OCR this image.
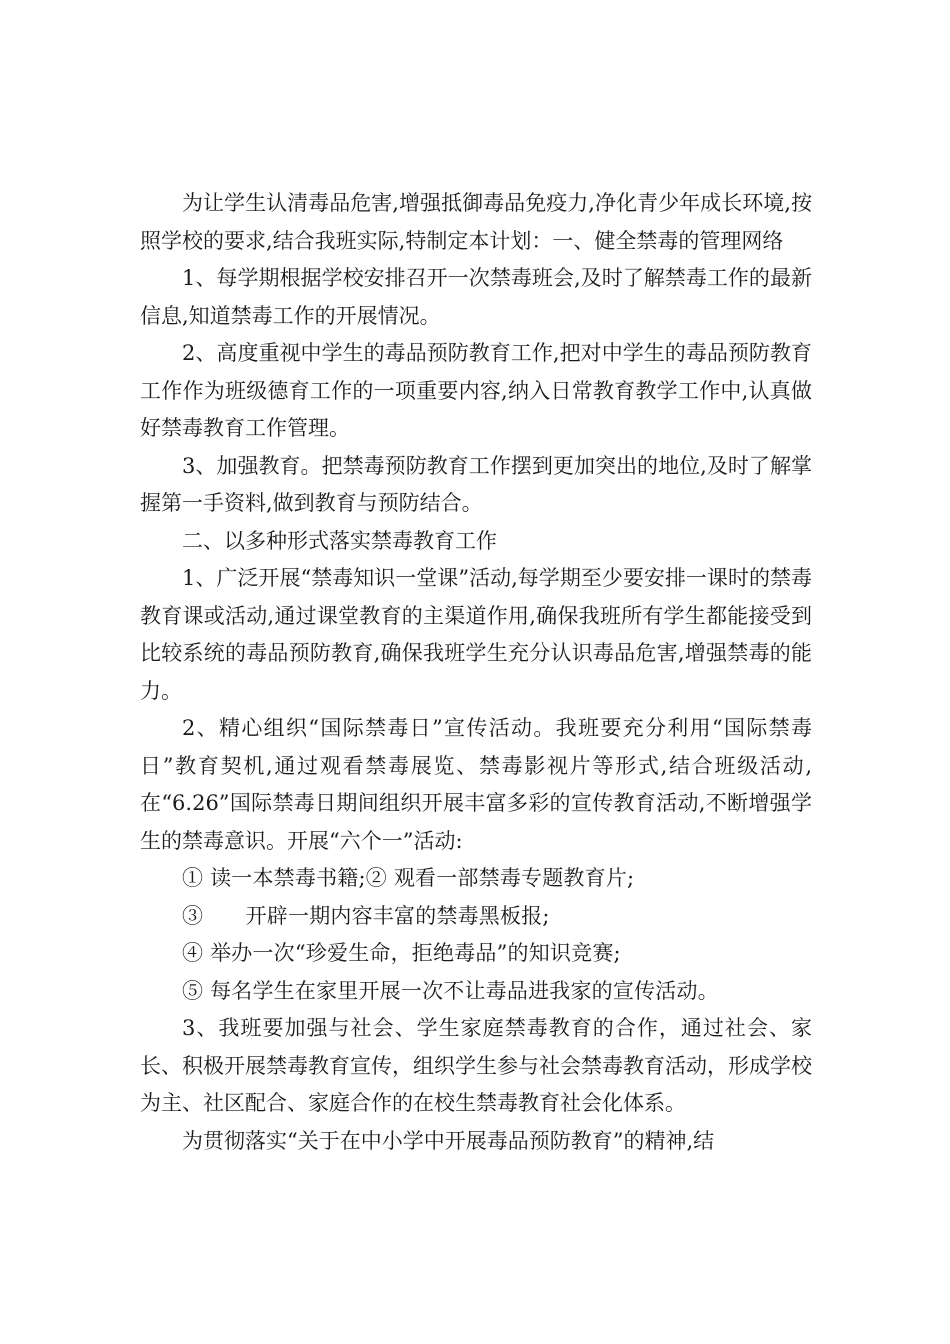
为让学生认清毒品危害,增强抵御毒品免疫力,净化青少年成长环境,按照学校的要求,结合我班实际,特制定本计划：一、健全禁毒的管理网络

1、每学期根据学校安排召开一次禁毒班会,及时了解禁毒工作的最新信息,知道禁毒工作的开展情况。

2、高度重视中学生的毒品预防教育工作,把对中学生的毒品预防教育工作作为班级德育工作的一项重要内容,纳入日常教育教学工作中,认真做好禁毒教育工作管理。

3、加强教育。把禁毒预防教育工作摆到更加突出的地位,及时了解掌握第一手资料,做到教育与预防结合。

二、以多种形式落实禁毒教育工作

1、广泛开展“禁毒知识一堂课”活动,每学期至少要安排一课时的禁毒教育课或活动,通过课堂教育的主渠道作用,确保我班所有学生都能接受到比较系统的毒品预防教育,确保我班学生充分认识毒品危害,增强禁毒的能力。

2、精心组织“国际禁毒日”宣传活动。我班要充分利用“国际禁毒日”教育契机,通过观看禁毒展览、禁毒影视片等形式,结合班级活动,在“6.26”国际禁毒日期间组织开展丰富多彩的宣传教育活动,不断增强学生的禁毒意识。开展“六个一”活动:

① 读一本禁毒书籍;② 观看一部禁毒专题教育片;

③　　开辟一期内容丰富的禁毒黑板报;

④ 举办一次“珍爱生命，拒绝毒品”的知识竞赛;

⑤ 每名学生在家里开展一次不让毒品进我家的宣传活动。

3、我班要加强与社会、学生家庭禁毒教育的合作，通过社会、家长、积极开展禁毒教育宣传，组织学生参与社会禁毒教育活动，形成学校为主、社区配合、家庭合作的在校生禁毒教育社会化体系。

为贯彻落实“关于在中小学中开展毒品预防教育”的精神,结
